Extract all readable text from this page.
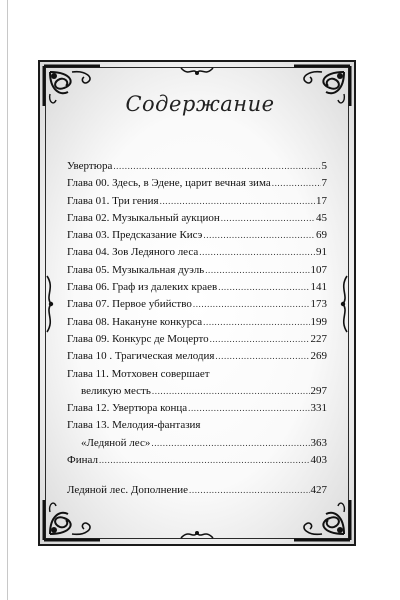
Содержание
Увертюра .....	5
Глава 00. Здесь, в Эдене, царит вечная зима .....	7
Глава 01. Три гения .....	17
Глава 02. Музыкальный аукцион .....	45
Глава 03. Предсказание Кисэ .....	69
Глава 04. Зов Ледяного леса .....	91
Глава 05. Музыкальная дуэль .....	107
Глава 06. Граф из далеких краев .....	141
Глава 07. Первое убийство .....	173
Глава 08. Накануне конкурса .....	199
Глава 09. Конкурс де Моцерто .....	227
Глава 10 . Трагическая мелодия .....	269
Глава 11. Мотховен совершает
великую месть .....	297
Глава 12. Увертюра конца .....	331
Глава 13. Мелодия-фантазия
«Ледяной лес» .....	363
Финал .....	403
Ледяной лес. Дополнение .....	427
